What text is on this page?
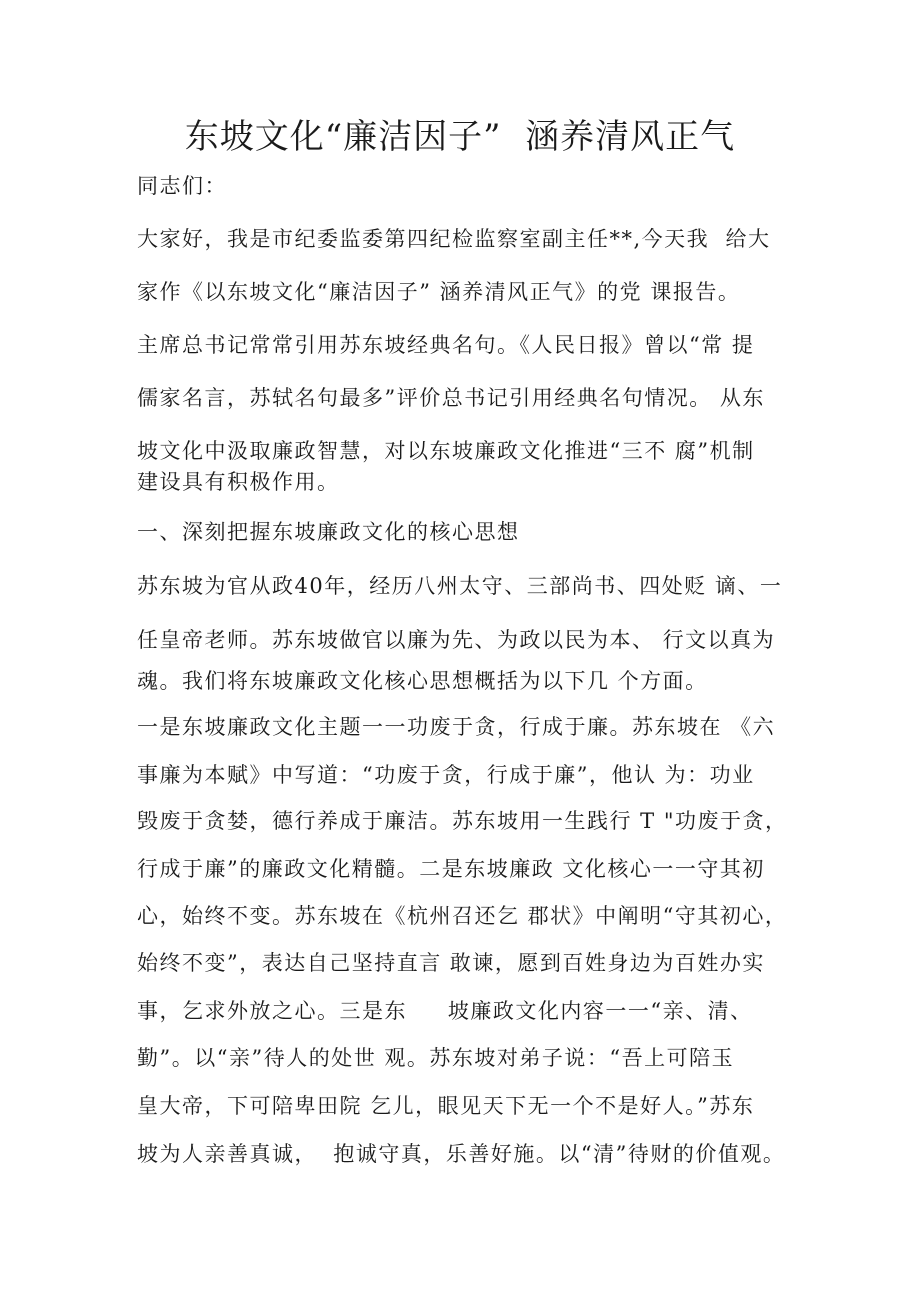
东坡文化“廉洁因子”  涵养清风正气

同志们：

大家好，我是市纪委监委第四纪检监察室副主任**,今天我  给大

家作《以东坡文化“廉洁因子” 涵养清风正气》的党 课报告。

主席总书记常常引用苏东坡经典名句。《人民日报》曾以“常 提

儒家名言，苏轼名句最多”评价总书记引用经典名句情况。 从东

坡文化中汲取廉政智慧，对以东坡廉政文化推进“三不 腐”机制

建设具有积极作用。

一、深刻把握东坡廉政文化的核心思想

苏东坡为官从政40年，经历八州太守、三部尚书、四处贬 谪、一

任皇帝老师。苏东坡做官以廉为先、为政以民为本、 行文以真为

魂。我们将东坡廉政文化核心思想概括为以下几 个方面。

一是东坡廉政文化主题一一功废于贪，行成于廉。苏东坡在 《六

事廉为本赋》中写道：“功废于贪，行成于廉”，他认 为：功业

毁废于贪婪，德行养成于廉洁。苏东坡用一生践行 T "功废于贪，

行成于廉”的廉政文化精髓。二是东坡廉政 文化核心一一守其初

心，始终不变。苏东坡在《杭州召还乞 郡状》中阐明“守其初心，

始终不变”，表达自己坚持直言 敢谏，愿到百姓身边为百姓办实

事，乞求外放之心。三是东     坡廉政文化内容一一“亲、清、

勤”。以“亲”待人的处世 观。苏东坡对弟子说：“吾上可陪玉

皇大帝，下可陪卑田院 乞儿，眼见天下无一个不是好人。”苏东

坡为人亲善真诚，  抱诚守真，乐善好施。以“清”待财的价值观。
